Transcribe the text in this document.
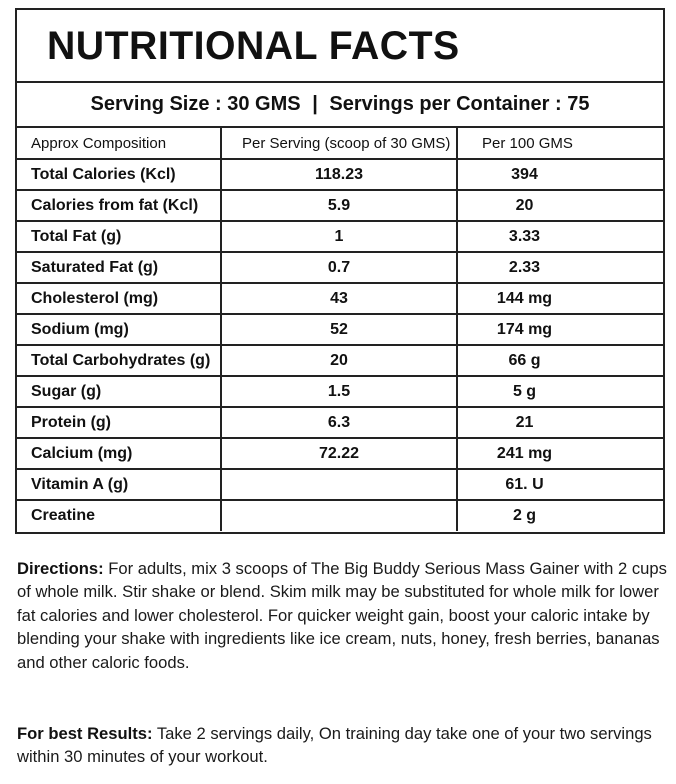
NUTRITIONAL FACTS
Serving Size : 30 GMS | Servings per Container : 75
Approx Composition	Per Serving (scoop of 30 GMS)	Per 100 GMS
Total Calories (Kcl)	118.23	394
Calories from fat (Kcl)	5.9	20
Total Fat (g)	1	3.33
Saturated Fat (g)	0.7	2.33
Cholesterol (mg)	43	144 mg
Sodium (mg)	52	174 mg
Total Carbohydrates (g)	20	66 g
Sugar (g)	1.5	5 g
Protein (g)	6.3	21
Calcium (mg)	72.22	241 mg
Vitamin A (g)		61. U
Creatine		2 g
Directions: For adults, mix 3 scoops of The Big Buddy Serious Mass Gainer with 2 cups of whole milk. Stir shake or blend. Skim milk may be substituted for whole milk for lower fat calories and lower cholesterol. For quicker weight gain, boost your caloric intake by blending your shake with ingredients like ice cream, nuts, honey, fresh berries, bananas and other caloric foods.
For best Results: Take 2 servings daily, On training day take one of your two servings within 30 minutes of your workout.
